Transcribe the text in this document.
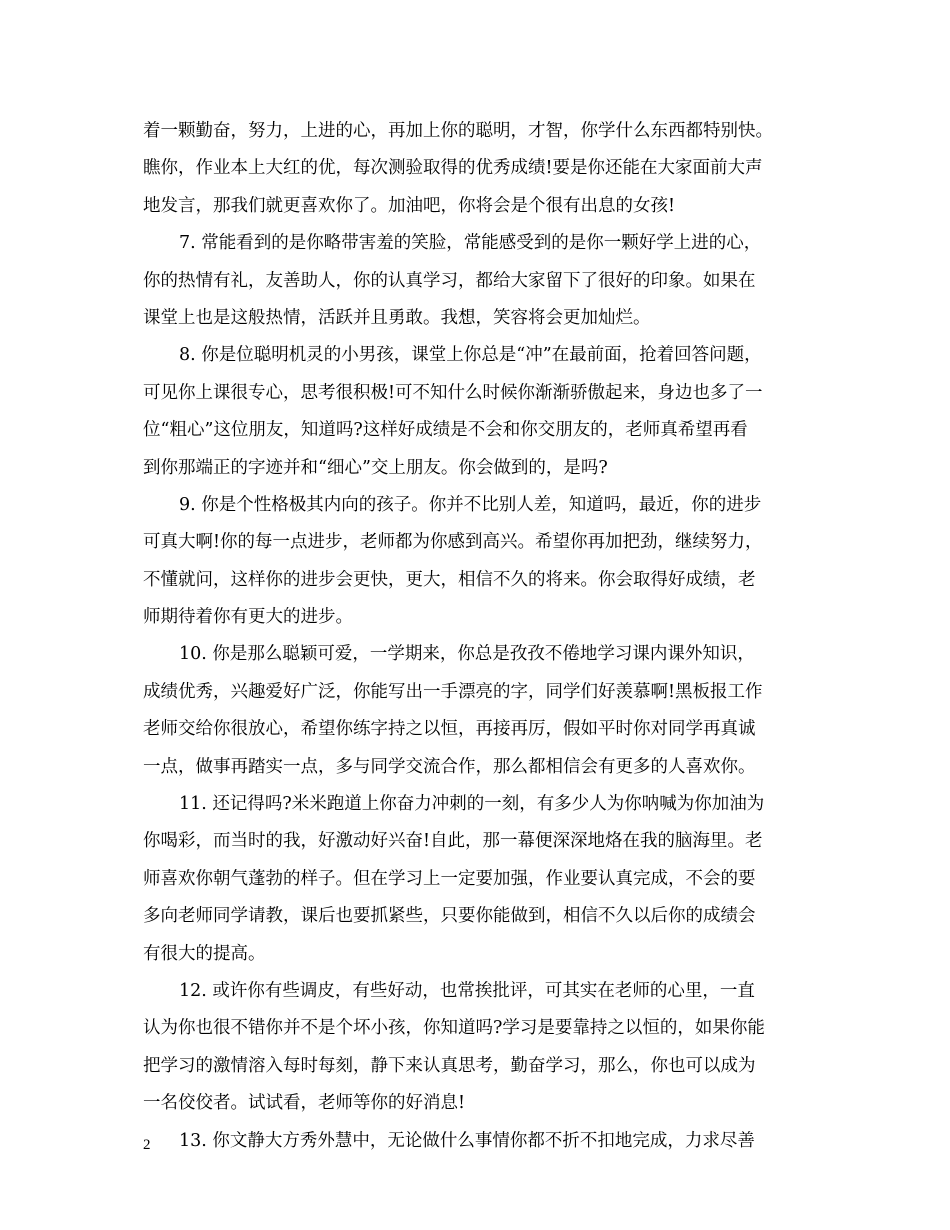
着一颗勤奋，努力，上进的心，再加上你的聪明，才智，你学什么东西都特别快。
瞧你，作业本上大红的优，每次测验取得的优秀成绩!要是你还能在大家面前大声
地发言，那我们就更喜欢你了。加油吧，你将会是个很有出息的女孩!
7. 常能看到的是你略带害羞的笑脸，常能感受到的是你一颗好学上进的心，
你的热情有礼，友善助人，你的认真学习，都给大家留下了很好的印象。如果在
课堂上也是这般热情，活跃并且勇敢。我想，笑容将会更加灿烂。
8. 你是位聪明机灵的小男孩，课堂上你总是“冲”在最前面，抢着回答问题，
可见你上课很专心，思考很积极!可不知什么时候你渐渐骄傲起来，身边也多了一
位“粗心”这位朋友，知道吗?这样好成绩是不会和你交朋友的，老师真希望再看
到你那端正的字迹并和“细心”交上朋友。你会做到的，是吗?
9. 你是个性格极其内向的孩子。你并不比别人差，知道吗，最近，你的进步
可真大啊!你的每一点进步，老师都为你感到高兴。希望你再加把劲，继续努力，
不懂就问，这样你的进步会更快，更大，相信不久的将来。你会取得好成绩，老
师期待着你有更大的进步。
10. 你是那么聪颖可爱，一学期来，你总是孜孜不倦地学习课内课外知识，
成绩优秀，兴趣爱好广泛，你能写出一手漂亮的字，同学们好羡慕啊!黑板报工作
老师交给你很放心，希望你练字持之以恒，再接再厉，假如平时你对同学再真诚
一点，做事再踏实一点，多与同学交流合作，那么都相信会有更多的人喜欢你。
11. 还记得吗?米米跑道上你奋力冲刺的一刻，有多少人为你呐喊为你加油为
你喝彩，而当时的我，好激动好兴奋!自此，那一幕便深深地烙在我的脑海里。老
师喜欢你朝气蓬勃的样子。但在学习上一定要加强，作业要认真完成，不会的要
多向老师同学请教，课后也要抓紧些，只要你能做到，相信不久以后你的成绩会
有很大的提高。
12. 或许你有些调皮，有些好动，也常挨批评，可其实在老师的心里，一直
认为你也很不错你并不是个坏小孩，你知道吗?学习是要靠持之以恒的，如果你能
把学习的激情溶入每时每刻，静下来认真思考，勤奋学习，那么，你也可以成为
一名佼佼者。试试看，老师等你的好消息!
13. 你文静大方秀外慧中，无论做什么事情你都不折不扣地完成，力求尽善
2
